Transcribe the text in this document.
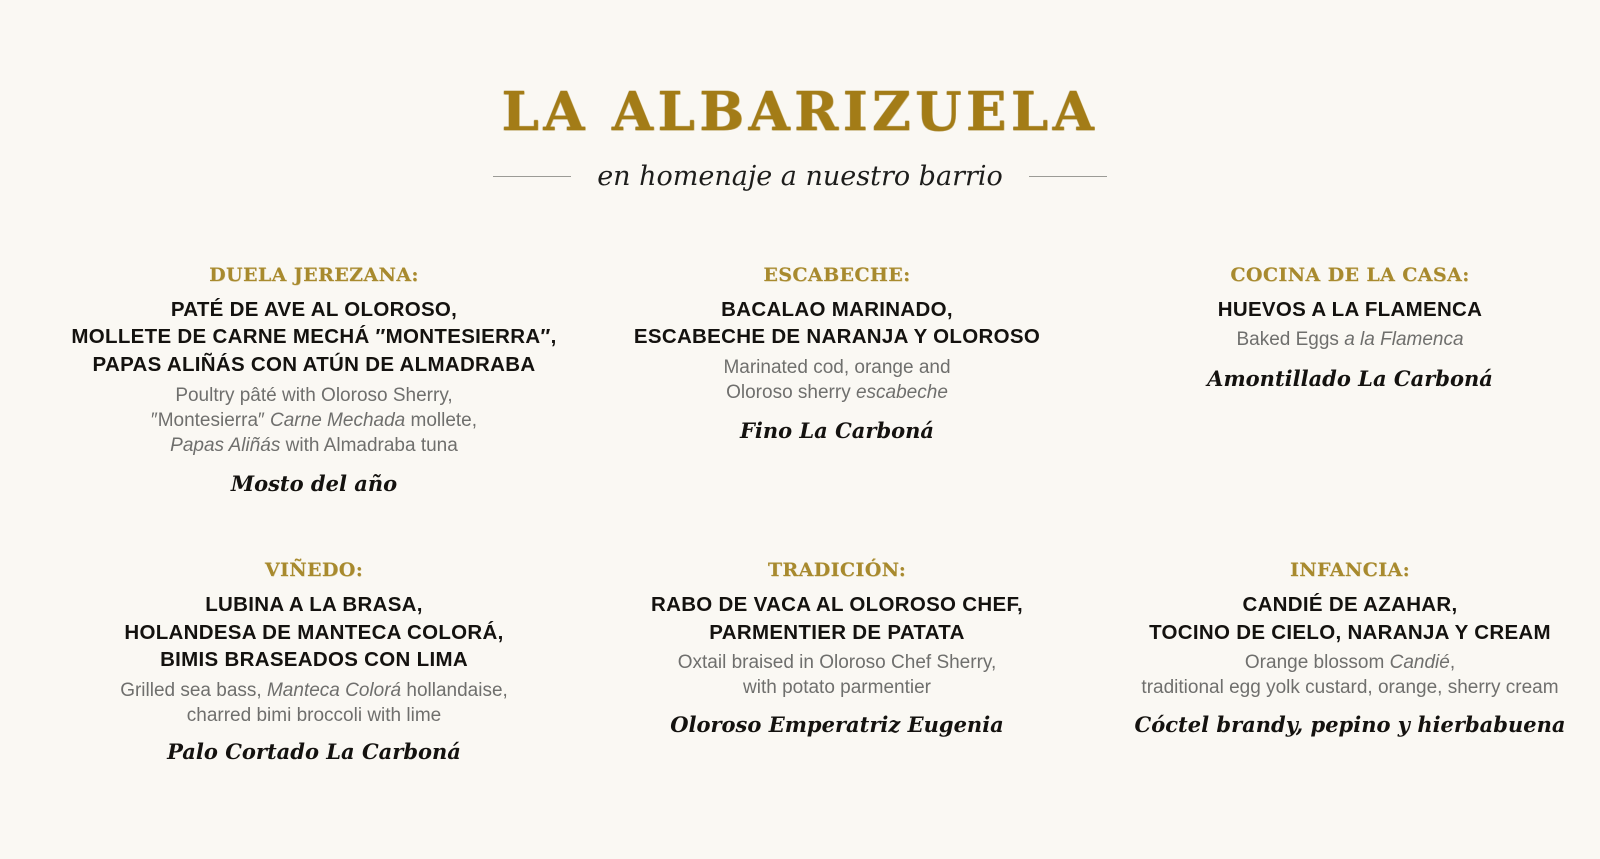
LA ALBARIZUELA
en homenaje a nuestro barrio
DUELA JEREZANA:
PATÉ DE AVE AL OLOROSO,
MOLLETE DE CARNE MECHÁ ″MONTESIERRA″,
PAPAS ALIÑÁS CON ATÚN DE ALMADRABA
Poultry pâté with Oloroso Sherry,
″Montesierra″ Carne Mechada mollete,
Papas Aliñás with Almadraba tuna
Mosto del año
ESCABECHE:
BACALAO MARINADO,
ESCABECHE DE NARANJA Y OLOROSO
Marinated cod, orange and
Oloroso sherry escabeche
Fino La Carboná
COCINA DE LA CASA:
HUEVOS A LA FLAMENCA
Baked Eggs a la Flamenca
Amontillado La Carboná
VIÑEDO:
LUBINA A LA BRASA,
HOLANDESA DE MANTECA COLORÁ,
BIMIS BRASEADOS CON LIMA
Grilled sea bass, Manteca Colorá hollandaise,
charred bimi broccoli with lime
Palo Cortado La Carboná
TRADICIÓN:
RABO DE VACA AL OLOROSO CHEF,
PARMENTIER DE PATATA
Oxtail braised in Oloroso Chef Sherry,
with potato parmentier
Oloroso Emperatriz Eugenia
INFANCIA:
CANDIÉ DE AZAHAR,
TOCINO DE CIELO, NARANJA Y CREAM
Orange blossom Candié,
traditional egg yolk custard, orange, sherry cream
Cóctel brandy, pepino y hierbabuena
